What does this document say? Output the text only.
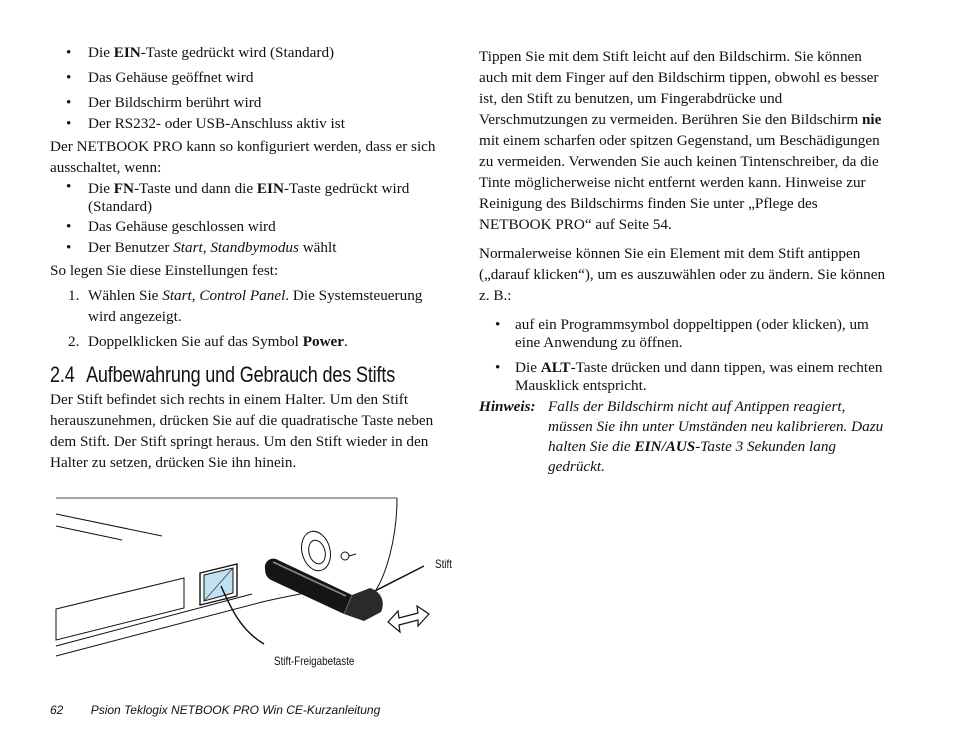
• Die EIN-Taste gedrückt wird (Standard)
• Das Gehäuse geöffnet wird
• Der Bildschirm berührt wird
• Der RS232- oder USB-Anschluss aktiv ist

Der NETBOOK PRO kann so konfiguriert werden, dass er sich ausschaltet, wenn:

• Die FN-Taste und dann die EIN-Taste gedrückt wird (Standard)
• Das Gehäuse geschlossen wird
• Der Benutzer Start, Standbymodus wählt

So legen Sie diese Einstellungen fest:

1. Wählen Sie Start, Control Panel. Die Systemsteuerung wird angezeigt.
2. Doppelklicken Sie auf das Symbol Power.
2.4 Aufbewahrung und Gebrauch des Stifts

Der Stift befindet sich rechts in einem Halter. Um den Stift herauszunehmen, drücken Sie auf die quadratische Taste neben dem Stift. Der Stift springt heraus. Um den Stift wieder in den Halter zu setzen, drücken Sie ihn hinein.

Stift
Stift-Freigabetaste

Tippen Sie mit dem Stift leicht auf den Bildschirm. Sie können auch mit dem Finger auf den Bildschirm tippen, obwohl es besser ist, den Stift zu benutzen, um Fingerabdrücke und Verschmutzungen zu vermeiden. Berühren Sie den Bildschirm nie mit einem scharfen oder spitzen Gegenstand, um Beschädigungen zu vermeiden. Verwenden Sie auch keinen Tintenschreiber, da die Tinte möglicherweise nicht entfernt werden kann. Hinweise zur Reinigung des Bildschirms finden Sie unter „Pflege des NETBOOK PRO“ auf Seite 54.

Normalerweise können Sie ein Element mit dem Stift antippen („darauf klicken“), um es auszuwählen oder zu ändern. Sie können z. B.:

• auf ein Programmsymbol doppeltippen (oder klicken), um eine Anwendung zu öffnen.
• Die ALT-Taste drücken und dann tippen, was einem rechten Mausklick entspricht.
Hinweis: Falls der Bildschirm nicht auf Antippen reagiert, müssen Sie ihn unter Umständen neu kalibrieren. Dazu halten Sie die EIN/AUS-Taste 3 Sekunden lang gedrückt.
62 Psion Teklogix NETBOOK PRO Win CE-Kurzanleitung
